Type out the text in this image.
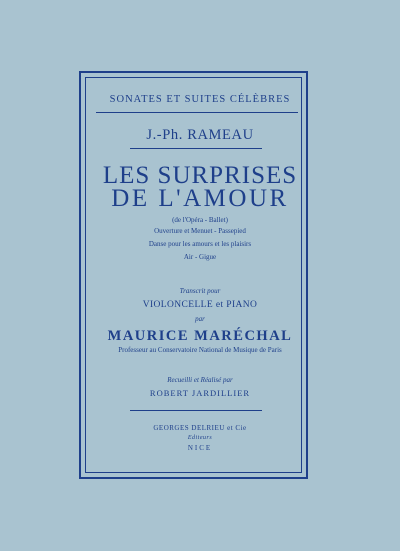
SONATES ET SUITES CÉLÈBRES
J.-Ph. RAMEAU
LES SURPRISES
DE L'AMOUR
(de l'Opéra - Ballet)
Ouverture et Menuet - Passepied
Danse pour les amours et les plaisirs
Air - Gigue
Transcrit pour
VIOLONCELLE et PIANO
par
MAURICE MARÉCHAL
Professeur au Conservatoire National de Musique de Paris
Recueilli et Réalisé par
ROBERT JARDILLIER
GEORGES DELRIEU et Cie
Editeurs
NICE
